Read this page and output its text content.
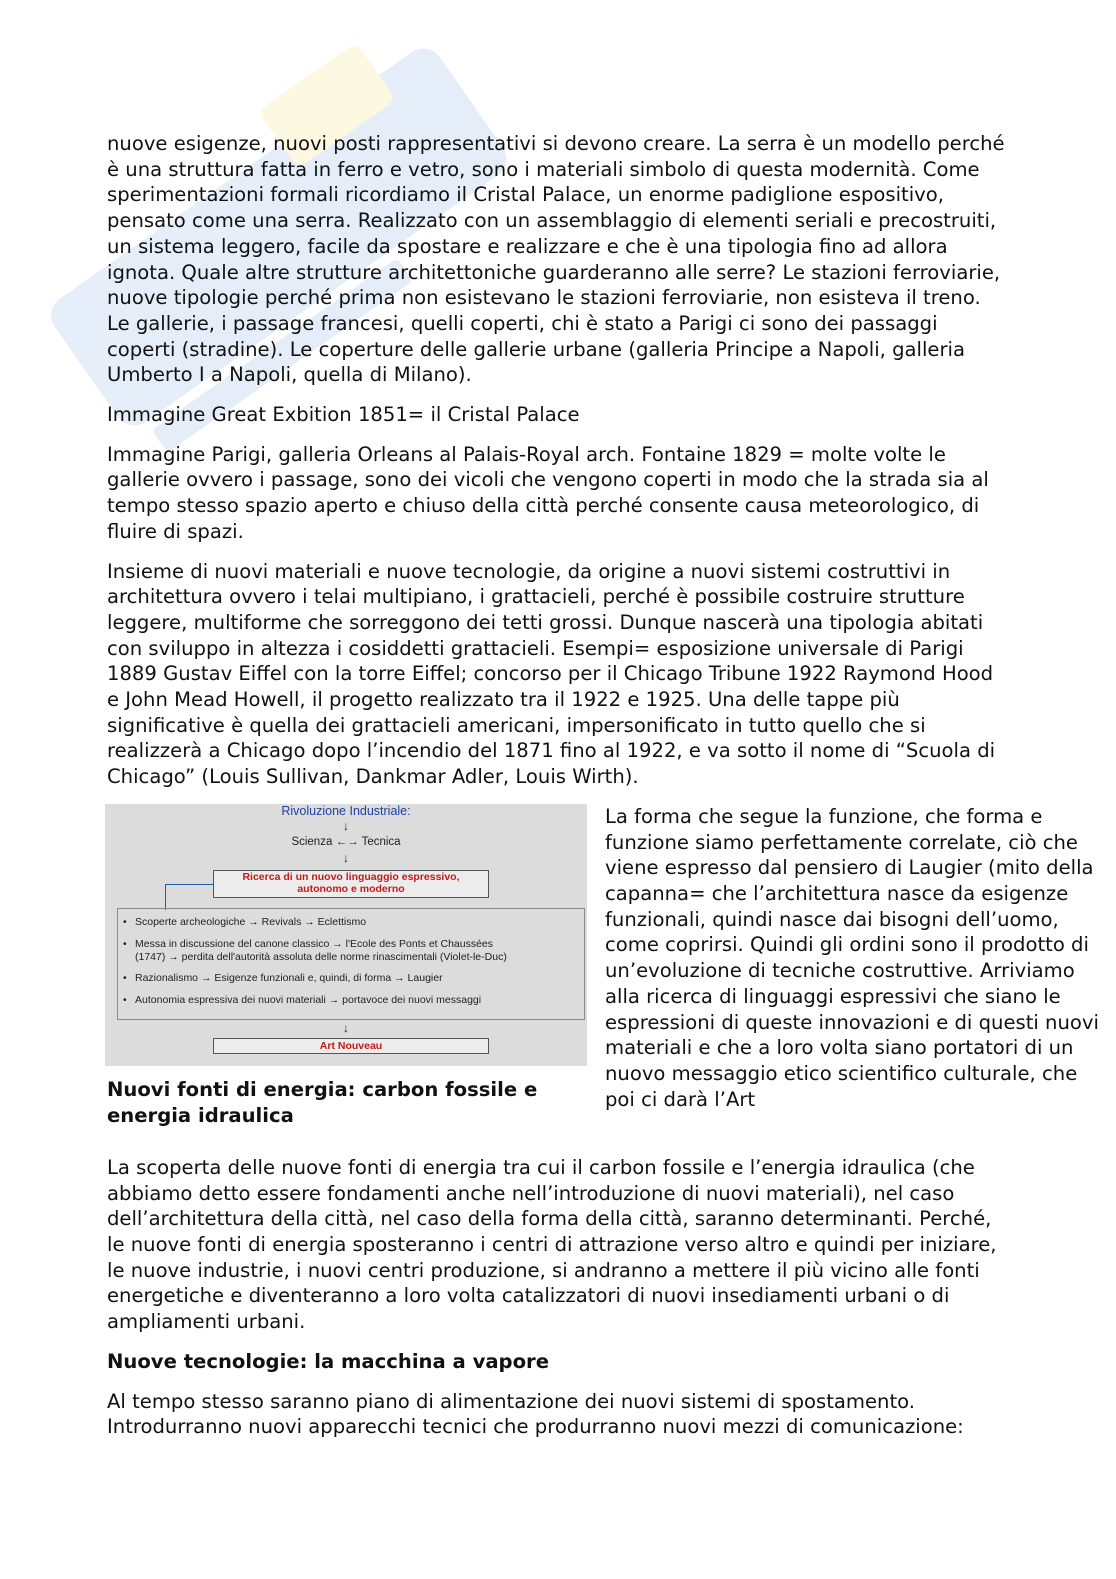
nuove esigenze, nuovi posti rappresentativi si devono creare. La serra è un modello perché è una struttura fatta in ferro e vetro, sono i materiali simbolo di questa modernità. Come sperimentazioni formali ricordiamo il Cristal Palace, un enorme padiglione espositivo, pensato come una serra. Realizzato con un assemblaggio di elementi seriali e precostruiti, un sistema leggero, facile da spostare e realizzare e che è una tipologia fino ad allora ignota. Quale altre strutture architettoniche guarderanno alle serre? Le stazioni ferroviarie, nuove tipologie perché prima non esistevano le stazioni ferroviarie, non esisteva il treno. Le gallerie, i passage francesi, quelli coperti, chi è stato a Parigi ci sono dei passaggi coperti (stradine). Le coperture delle gallerie urbane (galleria Principe a Napoli, galleria Umberto I a Napoli, quella di Milano).

Immagine Great Exbition 1851= il Cristal Palace

Immagine Parigi, galleria Orleans al Palais-Royal arch. Fontaine 1829 = molte volte le gallerie ovvero i passage, sono dei vicoli che vengono coperti in modo che la strada sia al tempo stesso spazio aperto e chiuso della città perché consente causa meteorologico, di fluire di spazi.

Insieme di nuovi materiali e nuove tecnologie, da origine a nuovi sistemi costruttivi in architettura ovvero i telai multipiano, i grattacieli, perché è possibile costruire strutture leggere, multiforme che sorreggono dei tetti grossi. Dunque nascerà una tipologia abitati con sviluppo in altezza i cosiddetti grattacieli. Esempi= esposizione universale di Parigi 1889 Gustav Eiffel con la torre Eiffel; concorso per il Chicago Tribune 1922 Raymond Hood e John Mead Howell, il progetto realizzato tra il 1922 e 1925. Una delle tappe più significative è quella dei grattacieli americani, impersonificato in tutto quello che si realizzerà a Chicago dopo l’incendio del 1871 fino al 1922, e va sotto il nome di “Scuola di Chicago” (Louis Sullivan, Dankmar Adler, Louis Wirth).

Rivoluzione Industriale:
↓
Scienza ←→ Tecnica
↓
Ricerca di un nuovo linguaggio espressivo,
autonomo e moderno
• Scoperte archeologiche → Revivals → Eclettismo
• Messa in discussione del canone classico → l'Ecole des Ponts et Chaussées
(1747) → perdita dell'autorità assoluta delle norme rinascimentali (Violet-le-Duc)
• Razionalismo → Esigenze funzionali e, quindi, di forma → Laugier
• Autonomia espressiva dei nuovi materiali → portavoce dei nuovi messaggi
↓
Art Nouveau
Nuovi fonti di energia: carbon fossile e energia idraulica
La forma che segue la funzione, che forma e funzione siamo perfettamente correlate, ciò che viene espresso dal pensiero di Laugier (mito della capanna= che l’architettura nasce da esigenze funzionali, quindi nasce dai bisogni dell’uomo, come coprirsi. Quindi gli ordini sono il prodotto di un’evoluzione di tecniche costruttive. Arriviamo alla ricerca di linguaggi espressivi che siano le espressioni di queste innovazioni e di questi nuovi materiali e che a loro volta siano portatori di un nuovo messaggio etico scientifico culturale, che poi ci darà l’Art

La scoperta delle nuove fonti di energia tra cui il carbon fossile e l’energia idraulica (che abbiamo detto essere fondamenti anche nell’introduzione di nuovi materiali), nel caso dell’architettura della città, nel caso della forma della città, saranno determinanti. Perché, le nuove fonti di energia sposteranno i centri di attrazione verso altro e quindi per iniziare, le nuove industrie, i nuovi centri produzione, si andranno a mettere il più vicino alle fonti energetiche e diventeranno a loro volta catalizzatori di nuovi insediamenti urbani o di ampliamenti urbani.

Nuove tecnologie: la macchina a vapore

Al tempo stesso saranno piano di alimentazione dei nuovi sistemi di spostamento. Introdurranno nuovi apparecchi tecnici che produrranno nuovi mezzi di comunicazione:
